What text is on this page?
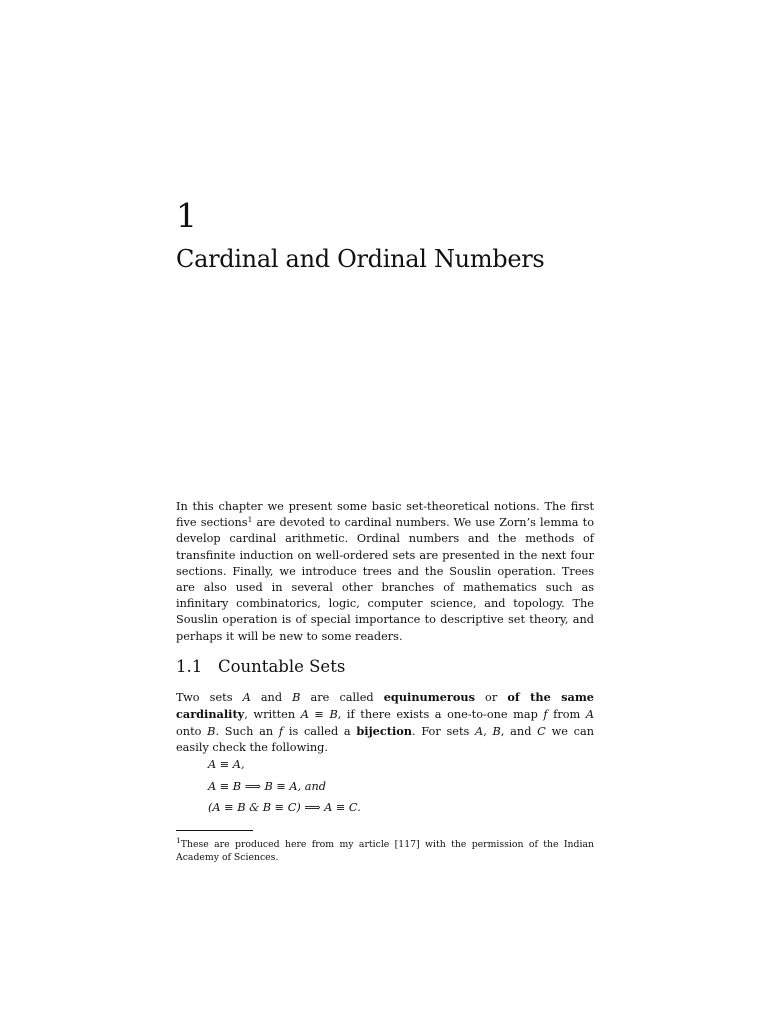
1
Cardinal and Ordinal Numbers

In this chapter we present some basic set-theoretical notions. The first five sections$^1$ are devoted to cardinal numbers. We use Zorn’s lemma to develop cardinal arithmetic. Ordinal numbers and the methods of transfinite induction on well-ordered sets are presented in the next four sections. Finally, we introduce trees and the Souslin operation. Trees are also used in several other branches of mathematics such as infinitary combinatorics, logic, computer science, and topology. The Souslin operation is of special importance to descriptive set theory, and perhaps it will be new to some readers.

1.1 Countable Sets
Two sets A and B are called equinumerous or of the same cardinality, written A ≡ B, if there exists a one-to-one map f from A onto B. Such an f is called a bijection. For sets A, B, and C we can easily check the following.
A ≡ A,
A ≡ B ⟹ B ≡ A, and
(A ≡ B & B ≡ C) ⟹ A ≡ C.
$^1$These are produced here from my article [117] with the permission of the Indian Academy of Sciences.
